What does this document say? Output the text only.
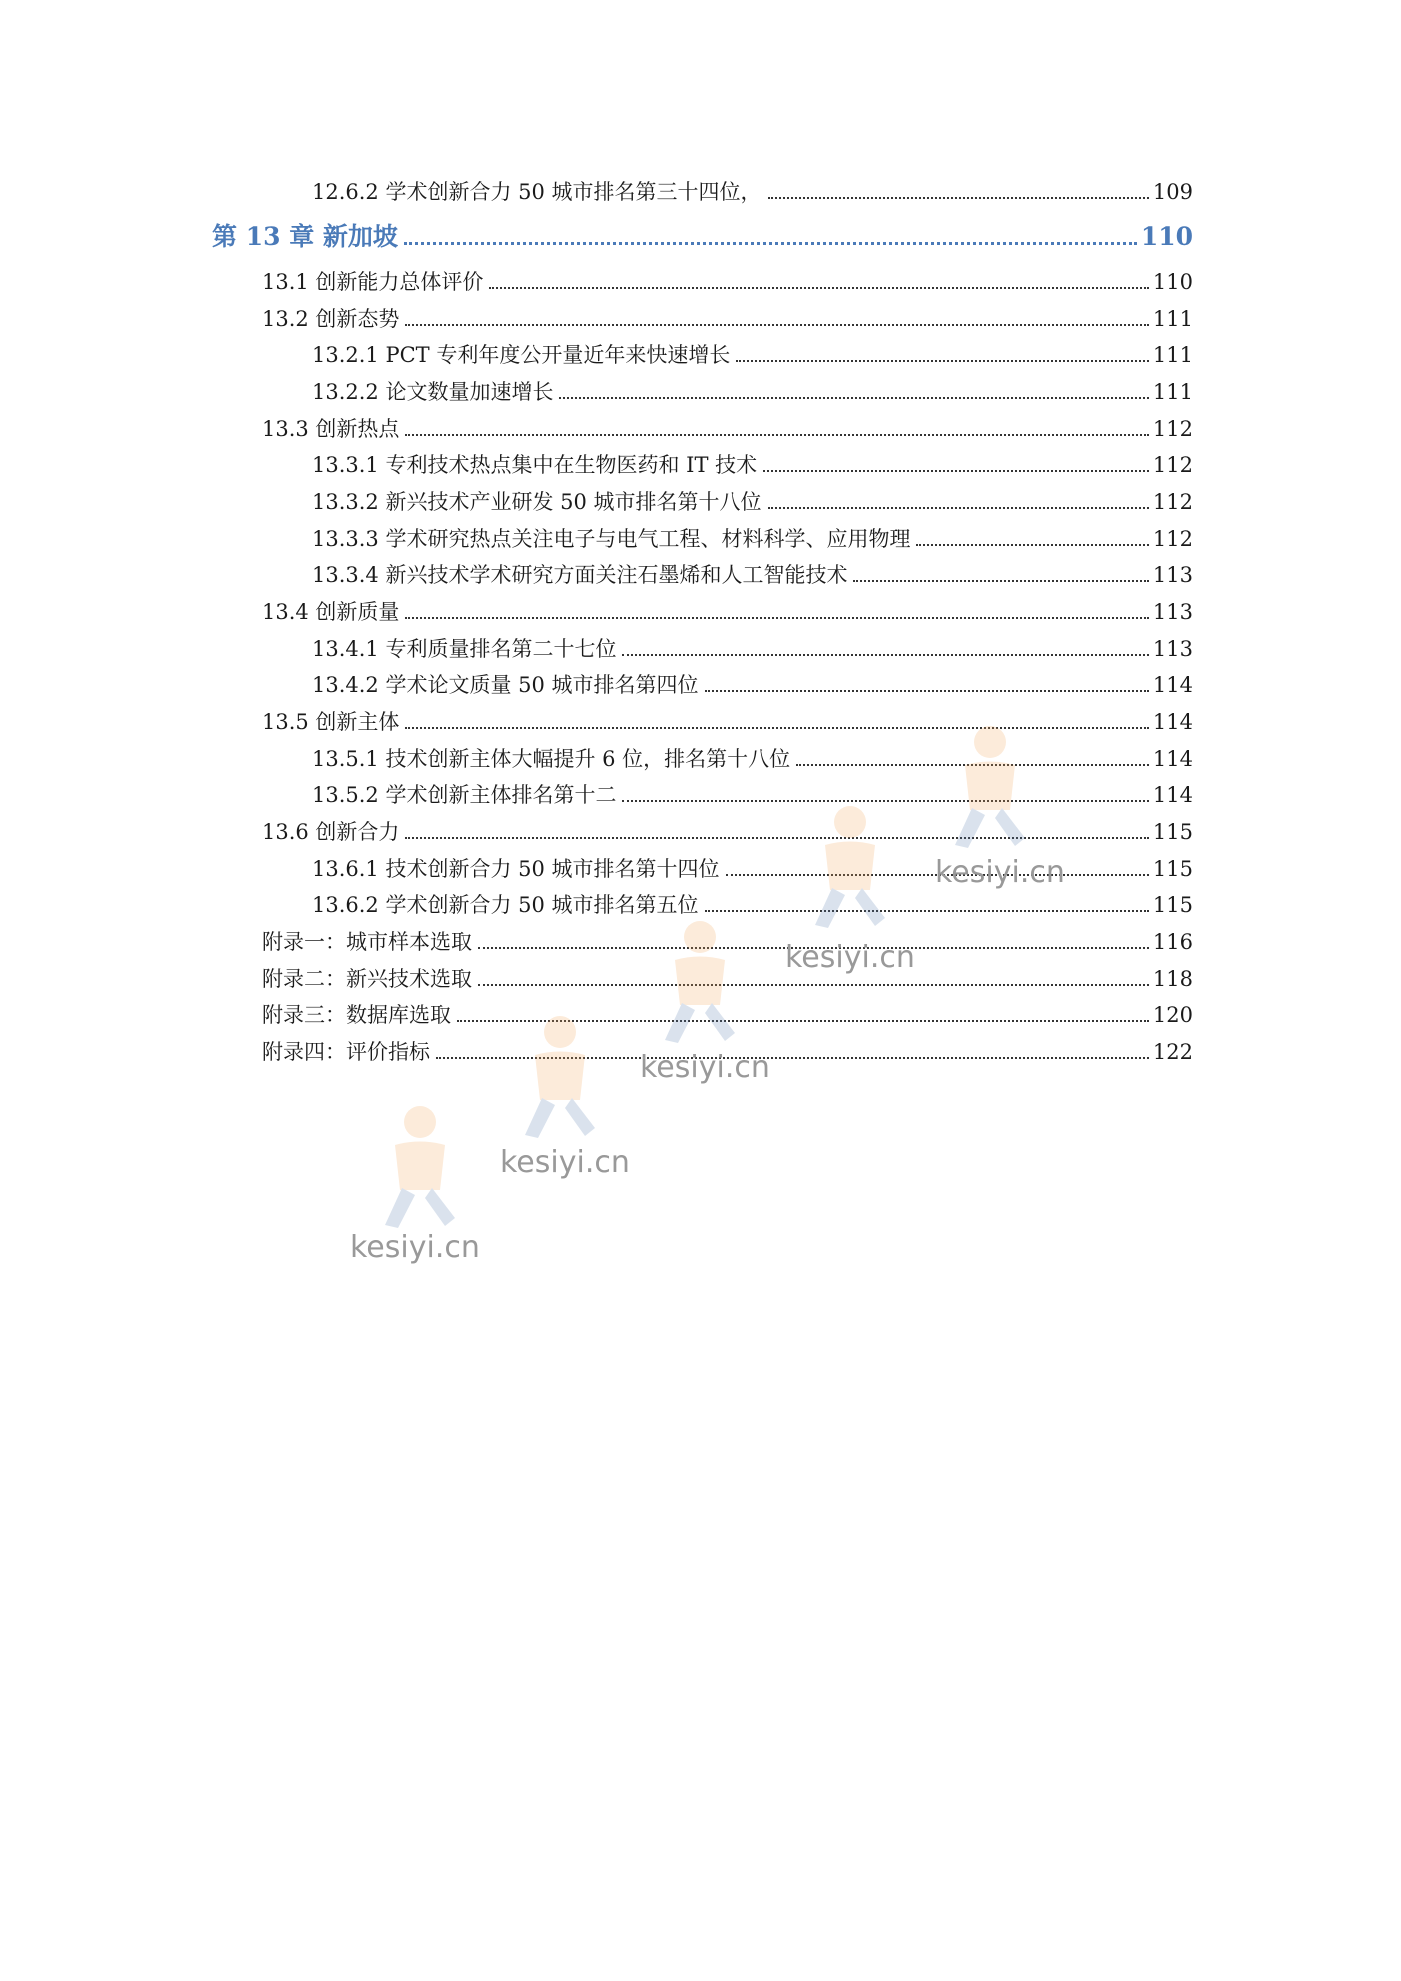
12.6.2 学术创新合力 50 城市排名第三十四位，	109
第 13 章 新加坡	110
13.1 创新能力总体评价	110
13.2 创新态势	111
13.2.1 PCT 专利年度公开量近年来快速增长	111
13.2.2 论文数量加速增长	111
13.3 创新热点	112
13.3.1 专利技术热点集中在生物医药和 IT 技术	112
13.3.2 新兴技术产业研发 50 城市排名第十八位	112
13.3.3 学术研究热点关注电子与电气工程、材料科学、应用物理	112
13.3.4 新兴技术学术研究方面关注石墨烯和人工智能技术	113
13.4 创新质量	113
13.4.1 专利质量排名第二十七位	113
13.4.2 学术论文质量 50 城市排名第四位	114
13.5 创新主体	114
13.5.1 技术创新主体大幅提升 6 位，排名第十八位	114
13.5.2 学术创新主体排名第十二	114
13.6 创新合力	115
13.6.1 技术创新合力 50 城市排名第十四位	115
13.6.2 学术创新合力 50 城市排名第五位	115
附录一：城市样本选取	116
附录二：新兴技术选取	118
附录三：数据库选取	120
附录四：评价指标	122
kesiyi.cn
kesiyi.cn
kesiyi.cn
kesiyi.cn
kesiyi.cn
